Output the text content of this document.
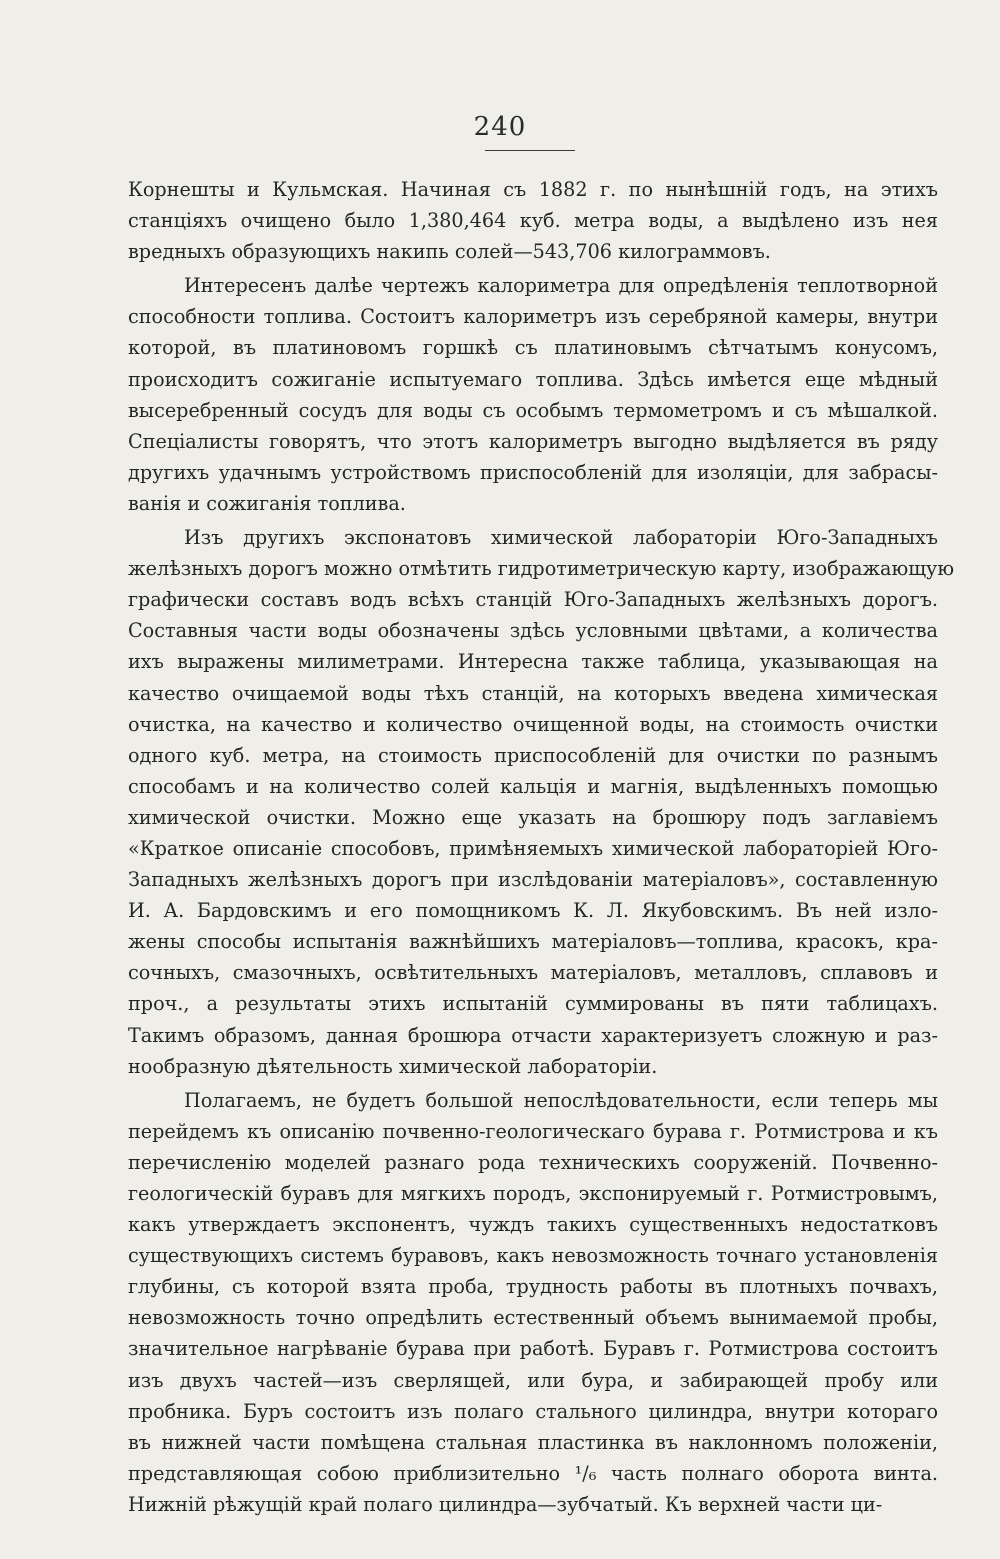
240
Корнешты и Кульмская. Начиная съ 1882 г. по нынѣшній годъ, на этихъ
станціяхъ очищено было 1,380,464 куб. метра воды, а выдѣлено изъ нея
вредныхъ образующихъ накипь солей—543,706 килограммовъ.
Интересенъ далѣе чертежъ калориметра для опредѣленія теплотворной
способности топлива. Состоитъ калориметръ изъ серебряной камеры, внутри
которой, въ платиновомъ горшкѣ съ платиновымъ сѣтчатымъ конусомъ,
происходитъ сожиганіе испытуемаго топлива. Здѣсь имѣется еще мѣдный
высеребренный сосудъ для воды съ особымъ термометромъ и съ мѣшалкой.
Спеціалисты говорятъ, что этотъ калориметръ выгодно выдѣляется въ ряду
другихъ удачнымъ устройствомъ приспособленій для изоляціи, для забрасы-
ванія и сожиганія топлива.
Изъ другихъ экспонатовъ химической лабораторіи Юго-Западныхъ
желѣзныхъ дорогъ можно отмѣтить гидротиметрическую карту, изображающую
графически составъ водъ всѣхъ станцій Юго-Западныхъ желѣзныхъ дорогъ.
Составныя части воды обозначены здѣсь условными цвѣтами, а количества
ихъ выражены милиметрами. Интересна также таблица, указывающая на
качество очищаемой воды тѣхъ станцій, на которыхъ введена химическая
очистка, на качество и количество очищенной воды, на стоимость очистки
одного куб. метра, на стоимость приспособленій для очистки по разнымъ
способамъ и на количество солей кальція и магнія, выдѣленныхъ помощью
химической очистки. Можно еще указать на брошюру подъ заглавіемъ
«Краткое описаніе способовъ, примѣняемыхъ химической лабораторіей Юго-
Западныхъ желѣзныхъ дорогъ при изслѣдованіи матеріаловъ», составленную
И. А. Бардовскимъ и его помощникомъ К. Л. Якубовскимъ. Въ ней изло-
жены способы испытанія важнѣйшихъ матеріаловъ—топлива, красокъ, кра-
сочныхъ, смазочныхъ, освѣтительныхъ матеріаловъ, металловъ, сплавовъ и
проч., а результаты этихъ испытаній суммированы въ пяти таблицахъ.
Такимъ образомъ, данная брошюра отчасти характеризуетъ сложную и раз-
нообразную дѣятельность химической лабораторіи.
Полагаемъ, не будетъ большой непослѣдовательности, если теперь мы
перейдемъ къ описанію почвенно-геологическаго бурава г. Ротмистрова и къ
перечисленію моделей разнаго рода техническихъ сооруженій. Почвенно-
геологическій буравъ для мягкихъ породъ, экспонируемый г. Ротмистровымъ,
какъ утверждаетъ экспонентъ, чуждъ такихъ существенныхъ недостатковъ
существующихъ системъ буравовъ, какъ невозможность точнаго установленія
глубины, съ которой взята проба, трудность работы въ плотныхъ почвахъ,
невозможность точно опредѣлить естественный объемъ вынимаемой пробы,
значительное нагрѣваніе бурава при работѣ. Буравъ г. Ротмистрова состоитъ
изъ двухъ частей—изъ сверлящей, или бура, и забирающей пробу или
пробника. Буръ состоитъ изъ полаго стального цилиндра, внутри котораго
въ нижней части помѣщена стальная пластинка въ наклонномъ положеніи,
представляющая собою приблизительно ¹/₆ часть полнаго оборота винта.
Нижній рѣжущій край полаго цилиндра—зубчатый. Къ верхней части ци-
